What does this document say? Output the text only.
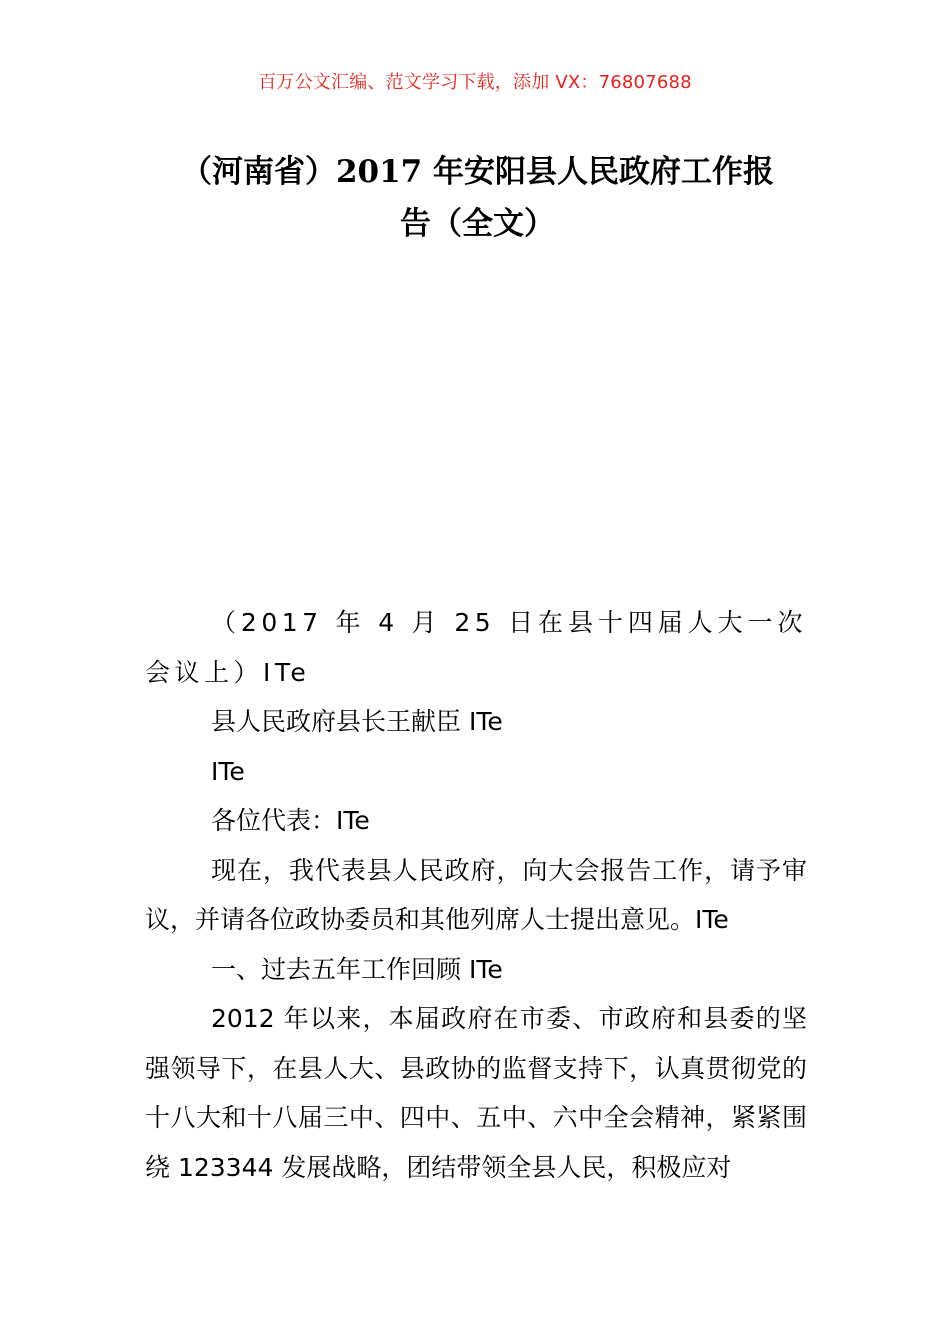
百万公文汇编、范文学习下载，添加 VX：76807688
（河南省）2017 年安阳县人民政府工作报
告（全文）

（2017 年 4 月 25 日在县十四届人大一次会议上）ITe

县人民政府县长王献臣 ITe

ITe

各位代表：ITe

现在，我代表县人民政府，向大会报告工作，请予审议，并请各位政协委员和其他列席人士提出意见。ITe

一、过去五年工作回顾 ITe

2012 年以来，本届政府在市委、市政府和县委的坚强领导下，在县人大、县政协的监督支持下，认真贯彻党的十八大和十八届三中、四中、五中、六中全会精神，紧紧围绕 123344 发展战略，团结带领全县人民，积极应对
